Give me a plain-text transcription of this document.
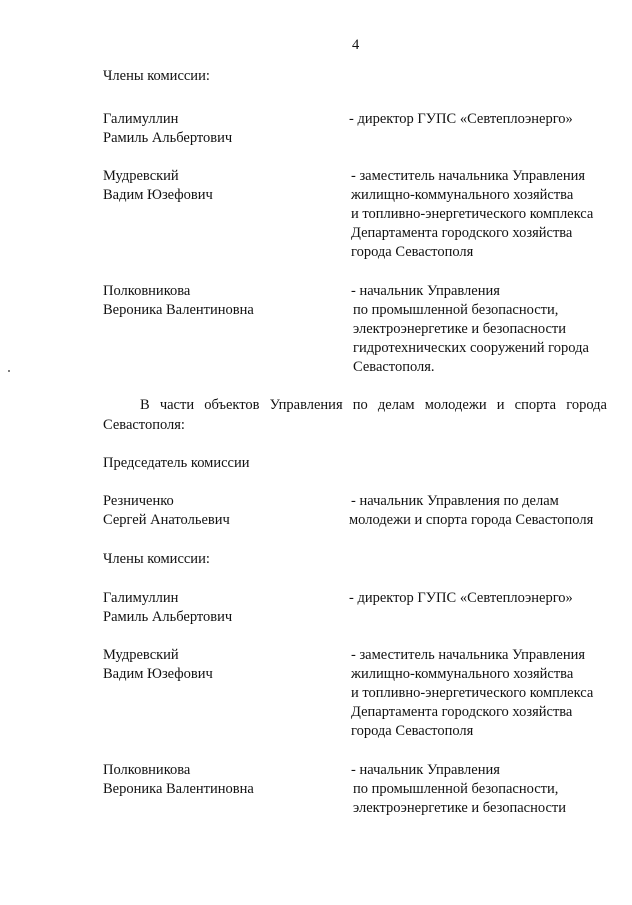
4
Члены комиссии:
Галимуллин
Рамиль Альбертович
- директор ГУПС «Севтеплоэнерго»
Мудревский
Вадим Юзефович
- заместитель начальника Управления
жилищно-коммунального хозяйства
и топливно-энергетического комплекса
Департамента городского хозяйства
города Севастополя
Полковникова
Вероника Валентиновна
- начальник Управления
по промышленной безопасности,
электроэнергетике и безопасности
гидротехнических сооружений города
Севастополя.
В части объектов Управления по делам молодежи и спорта города Севастополя:
Председатель комиссии
Резниченко
Сергей Анатольевич
- начальник Управления по делам
молодежи и спорта города Севастополя
Члены комиссии:
Галимуллин
Рамиль Альбертович
- директор ГУПС «Севтеплоэнерго»
Мудревский
Вадим Юзефович
- заместитель начальника Управления
жилищно-коммунального хозяйства
и топливно-энергетического комплекса
Департамента городского хозяйства
города Севастополя
Полковникова
Вероника Валентиновна
- начальник Управления
по промышленной безопасности,
электроэнергетике и безопасности
